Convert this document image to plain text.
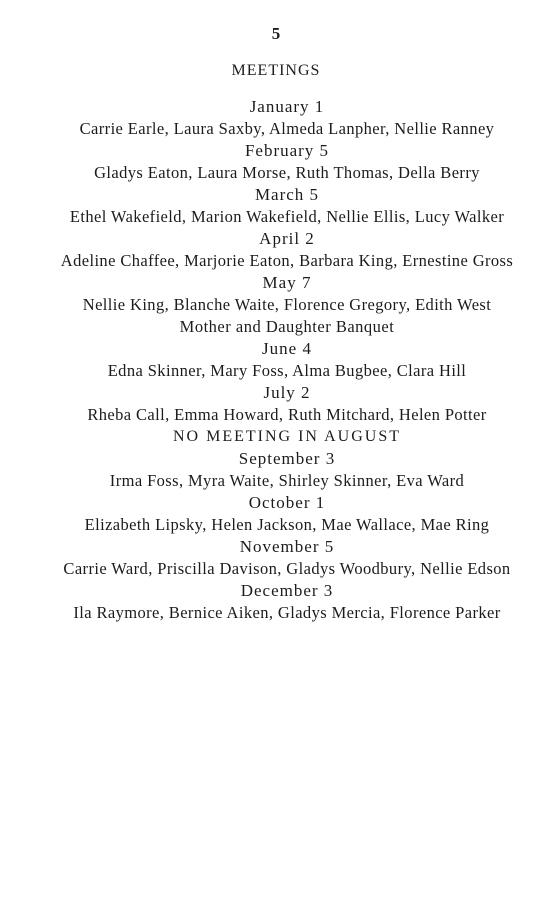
5
MEETINGS
January 1
Carrie Earle, Laura Saxby, Almeda Lanpher, Nellie Ranney
February 5
Gladys Eaton, Laura Morse, Ruth Thomas, Della Berry
March 5
Ethel Wakefield, Marion Wakefield, Nellie Ellis, Lucy Walker
April 2
Adeline Chaffee, Marjorie Eaton, Barbara King, Ernestine Gross
May 7
Nellie King, Blanche Waite, Florence Gregory, Edith West
Mother and Daughter Banquet
June 4
Edna Skinner, Mary Foss, Alma Bugbee, Clara Hill
July 2
Rheba Call, Emma Howard, Ruth Mitchard, Helen Potter
NO MEETING IN AUGUST
September 3
Irma Foss, Myra Waite, Shirley Skinner, Eva Ward
October 1
Elizabeth Lipsky, Helen Jackson, Mae Wallace, Mae Ring
November 5
Carrie Ward, Priscilla Davison, Gladys Woodbury, Nellie Edson
December 3
Ila Raymore, Bernice Aiken, Gladys Mercia, Florence Parker
